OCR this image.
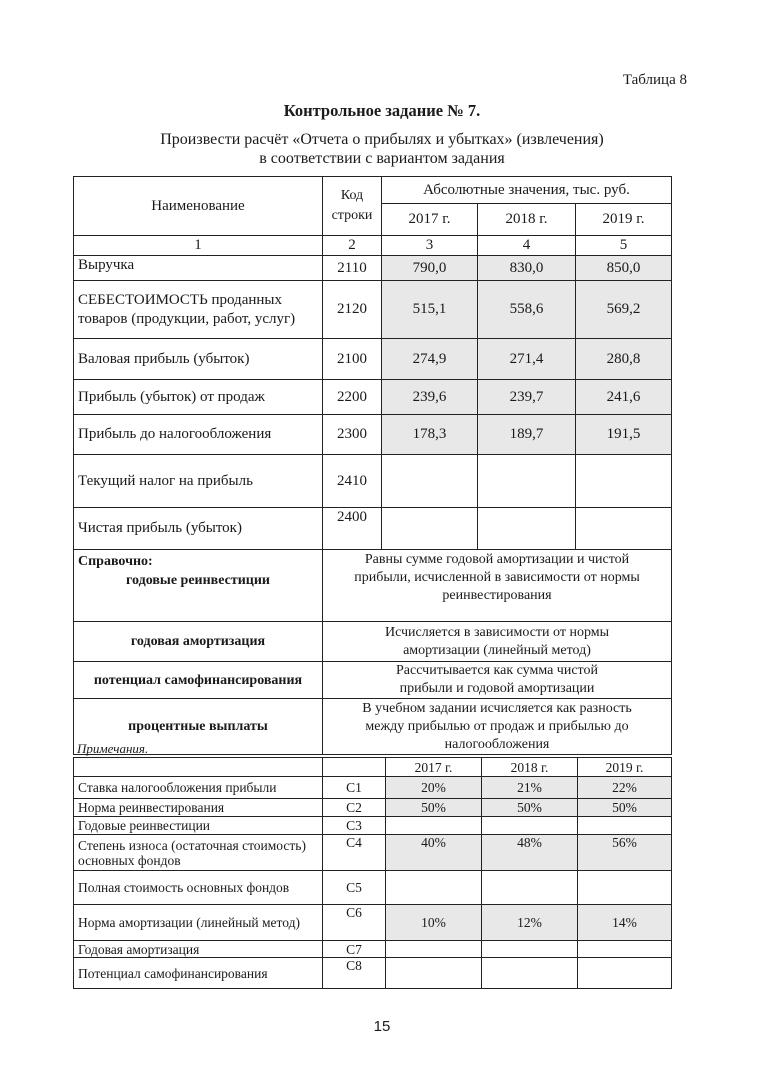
Таблица 8
Контрольное задание № 7.
Произвести расчёт «Отчета о прибылях и убытках» (извлечения)
в соответствии с вариантом задания
Наименование	Код строки	Абсолютные значения, тыс. руб.		
		2017 г.	2018 г.	2019 г.
1	2	3	4	5
Выручка	2110	790,0	830,0	850,0
СЕБЕСТОИМОСТЬ проданных товаров (продукции, работ, услуг)	2120	515,1	558,6	569,2
Валовая прибыль (убыток)	2100	274,9	271,4	280,8
Прибыль (убыток) от продаж	2200	239,6	239,7	241,6
Прибыль до налогообложения	2300	178,3	189,7	191,5
Текущий налог на прибыль	2410			
Чистая прибыль (убыток)	2400			

Справочно:
годовые реинвестиции	Равны сумме годовой амортизации и чистой прибыли, исчисленной в зависимости от нормы реинвестирования			
годовая амортизация	Исчисляется в зависимости от нормы амортизации (линейный метод)			
потенциал самофинансирования	Рассчитывается как сумма чистой прибыли и годовой амортизации			
процентные выплаты	В учебном задании исчисляется как разность между прибылью от продаж и прибылью до налогообложения			
Примечания.
		2017 г.	2018 г.	2019 г.
Ставка налогообложения прибыли	С1	20%	21%	22%
Норма реинвестирования	С2	50%	50%	50%
Годовые реинвестиции	С3			
Степень износа (остаточная стоимость) основных фондов	С4	40%	48%	56%
Полная стоимость основных фондов	С5			
Норма амортизации (линейный метод)	С6	10%	12%	14%
Годовая амортизация	С7			
Потенциал самофинансирования	С8			
15
